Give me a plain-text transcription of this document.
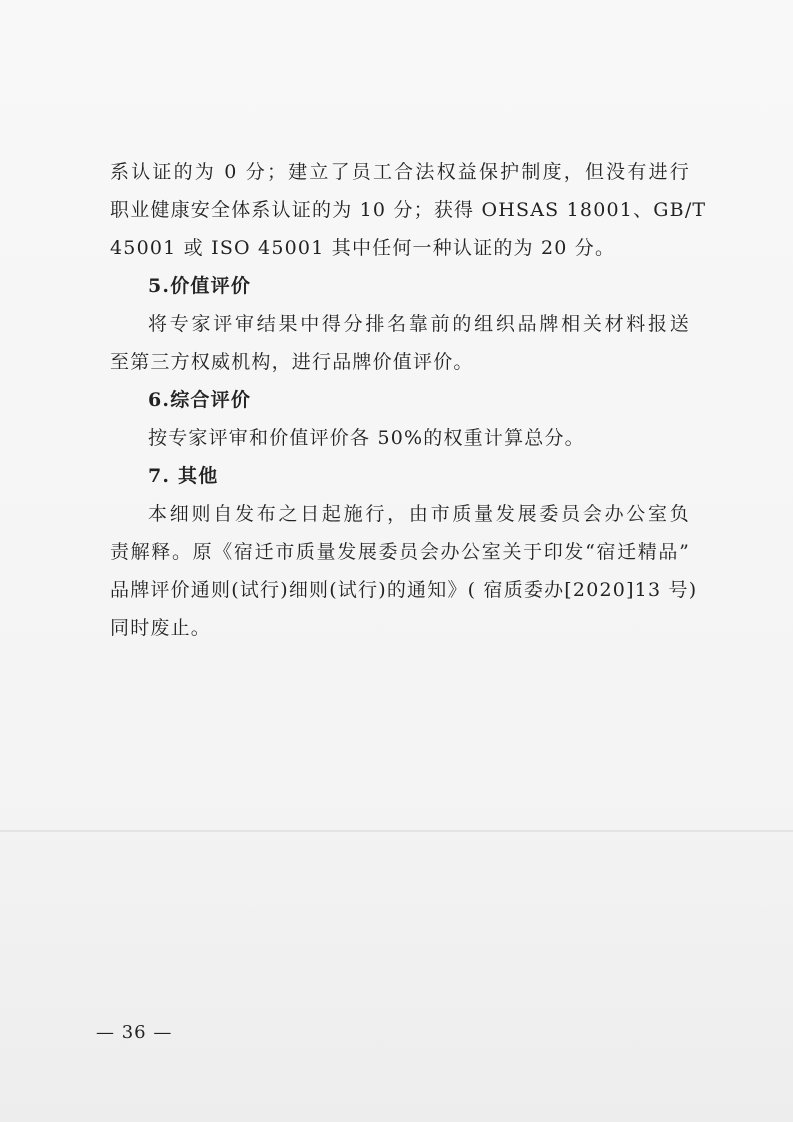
系认证的为 0 分；建立了员工合法权益保护制度，但没有进行
职业健康安全体系认证的为 10 分；获得 OHSAS 18001、GB/T
45001 或 ISO 45001 其中任何一种认证的为 20 分。
5.价值评价
将专家评审结果中得分排名靠前的组织品牌相关材料报送
至第三方权威机构，进行品牌价值评价。
6.综合评价
按专家评审和价值评价各 50%的权重计算总分。
7. 其他
本细则自发布之日起施行，由市质量发展委员会办公室负
责解释。原《宿迁市质量发展委员会办公室关于印发“宿迁精品”
品牌评价通则(试行)细则(试行)的通知》( 宿质委办[2020]13 号)
同时废止。
— 36 —
